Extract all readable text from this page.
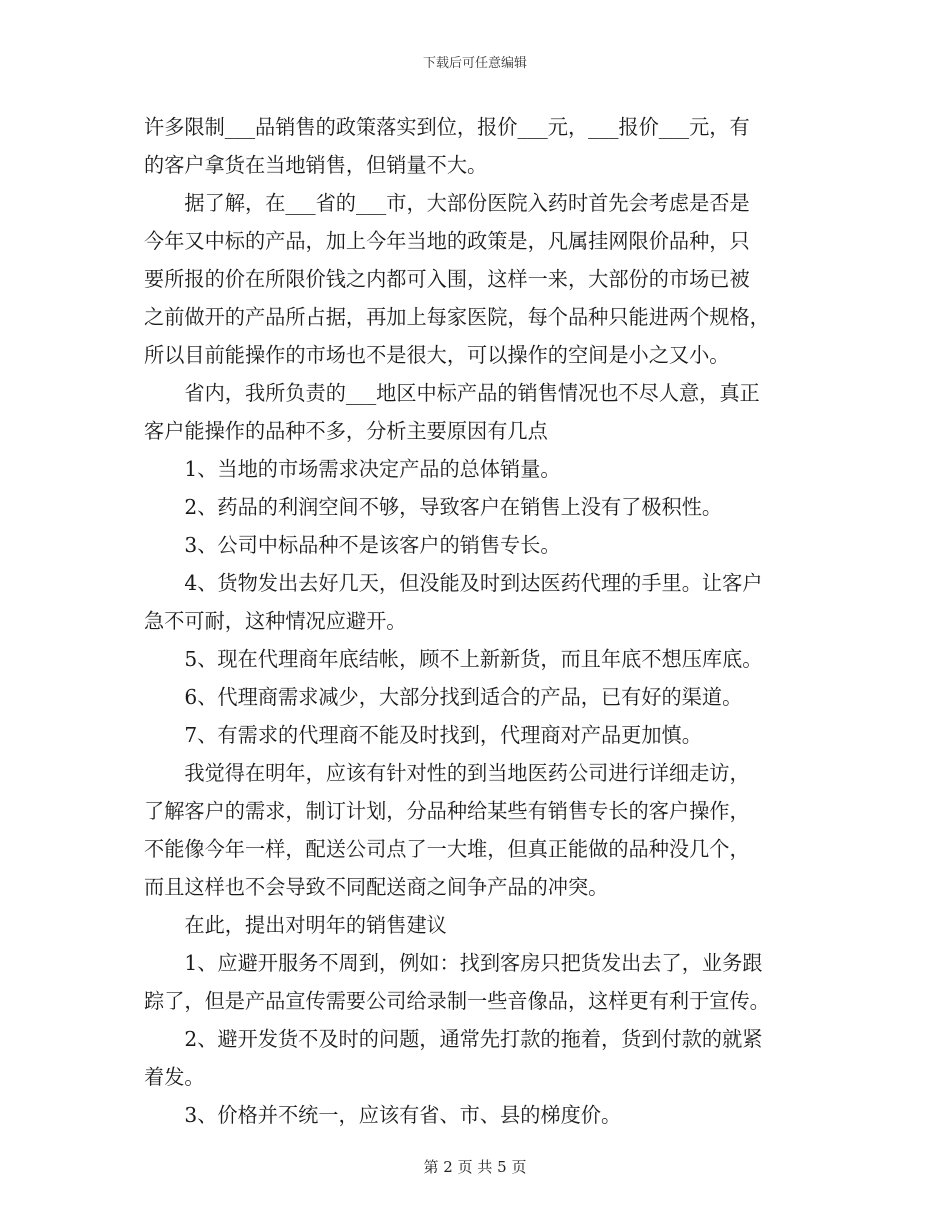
下载后可任意编辑
许多限制___品销售的政策落实到位，报价___元，___报价___元，有
的客户拿货在当地销售，但销量不大。
　　据了解，在___省的___市，大部份医院入药时首先会考虑是否是
今年又中标的产品，加上今年当地的政策是，凡属挂网限价品种，只
要所报的价在所限价钱之内都可入围，这样一来，大部份的市场已被
之前做开的产品所占据，再加上每家医院，每个品种只能进两个规格，
所以目前能操作的市场也不是很大，可以操作的空间是小之又小。
　　省内，我所负责的___地区中标产品的销售情况也不尽人意，真正
客户能操作的品种不多，分析主要原因有几点
　　1、当地的市场需求决定产品的总体销量。
　　2、药品的利润空间不够，导致客户在销售上没有了极积性。
　　3、公司中标品种不是该客户的销售专长。
　　4、货物发出去好几天，但没能及时到达医药代理的手里。让客户
急不可耐，这种情况应避开。
　　5、现在代理商年底结帐，顾不上新新货，而且年底不想压库底。
　　6、代理商需求减少，大部分找到适合的产品，已有好的渠道。
　　7、有需求的代理商不能及时找到，代理商对产品更加慎。
　　我觉得在明年，应该有针对性的到当地医药公司进行详细走访，
了解客户的需求，制订计划，分品种给某些有销售专长的客户操作，
不能像今年一样，配送公司点了一大堆，但真正能做的品种没几个，
而且这样也不会导致不同配送商之间争产品的冲突。
　　在此，提出对明年的销售建议
　　1、应避开服务不周到，例如：找到客房只把货发出去了，业务跟
踪了，但是产品宣传需要公司给录制一些音像品，这样更有利于宣传。
　　2、避开发货不及时的问题，通常先打款的拖着，货到付款的就紧
着发。
　　3、价格并不统一，应该有省、市、县的梯度价。
第 2 页 共 5 页
